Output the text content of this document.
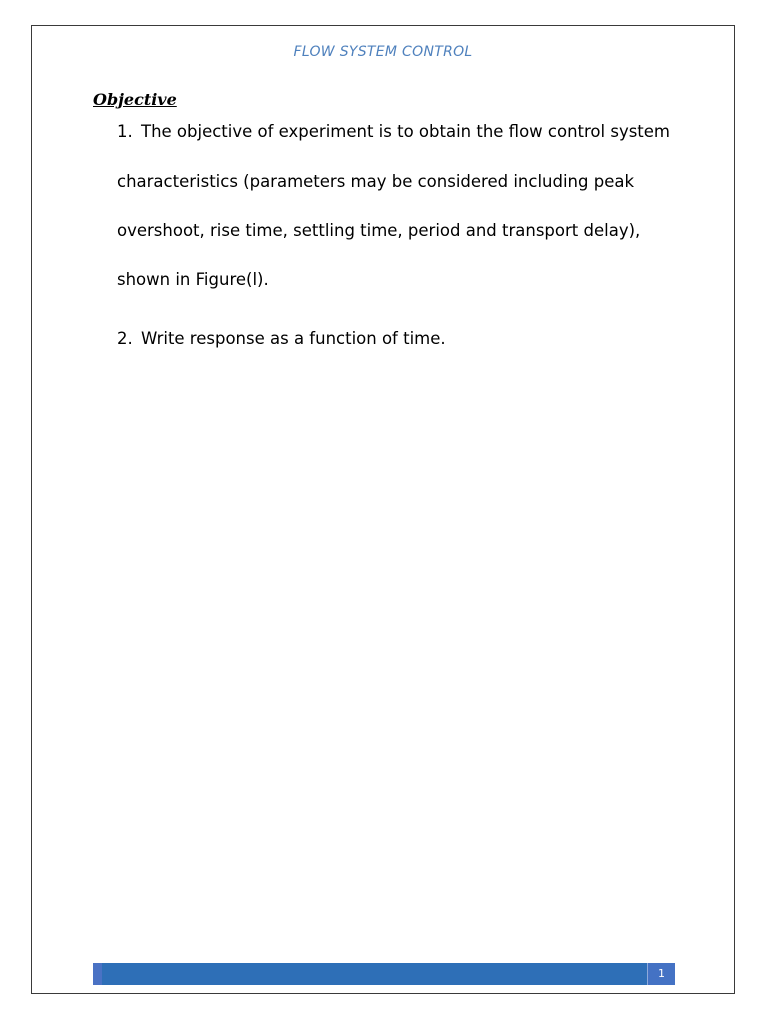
FLOW SYSTEM CONTROL
Objective
1. The objective of experiment is to obtain the flow control system
characteristics (parameters may be considered including peak
overshoot, rise time, settling time, period and transport delay),
shown in Figure(l).
2. Write response as a function of time.
1
